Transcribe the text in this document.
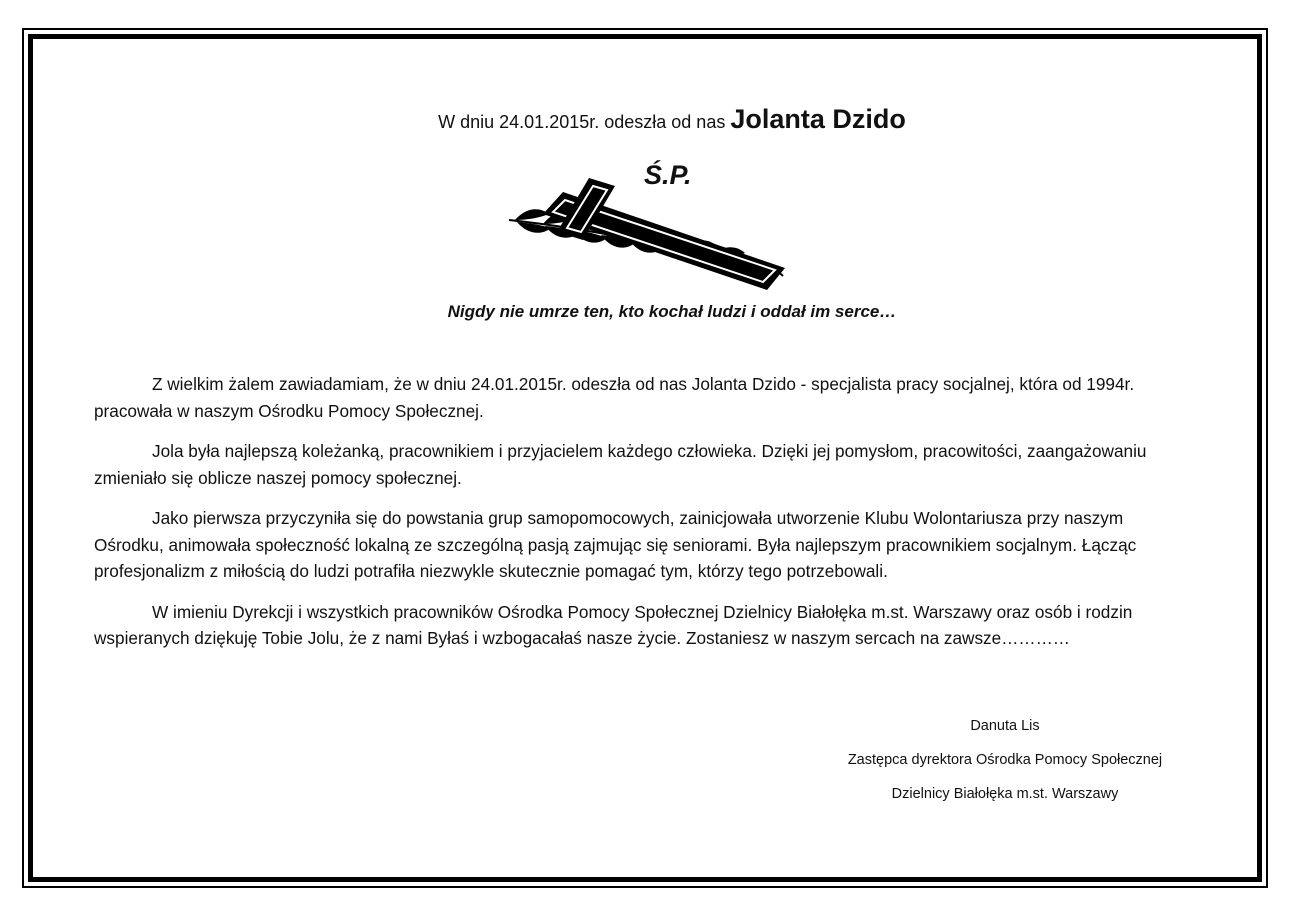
W dniu 24.01.2015r. odeszła od nas Jolanta Dzido
Ś.P.
Nigdy nie umrze ten, kto kochał ludzi i oddał im serce…

Z wielkim żalem zawiadamiam, że w dniu 24.01.2015r. odeszła od nas Jolanta Dzido - specjalista pracy socjalnej, która od 1994r. pracowała w naszym Ośrodku Pomocy Społecznej.

Jola była najlepszą koleżanką, pracownikiem i przyjacielem każdego człowieka. Dzięki jej pomysłom, pracowitości, zaangażowaniu zmieniało się oblicze naszej pomocy społecznej.

Jako pierwsza przyczyniła się do powstania grup samopomocowych, zainicjowała utworzenie Klubu Wolontariusza przy naszym Ośrodku, animowała społeczność lokalną ze szczególną pasją zajmując się seniorami. Była najlepszym pracownikiem socjalnym. Łącząc profesjonalizm z miłością do ludzi potrafiła niezwykle skutecznie pomagać tym, którzy tego potrzebowali.

W imieniu Dyrekcji i wszystkich pracowników Ośrodka Pomocy Społecznej Dzielnicy Białołęka m.st. Warszawy oraz osób i rodzin wspieranych dziękuję Tobie Jolu, że z nami Byłaś i wzbogacałaś nasze życie. Zostaniesz w naszym sercach na zawsze…………

Danuta Lis
Zastępca dyrektora Ośrodka Pomocy Społecznej
Dzielnicy Białołęka m.st. Warszawy
